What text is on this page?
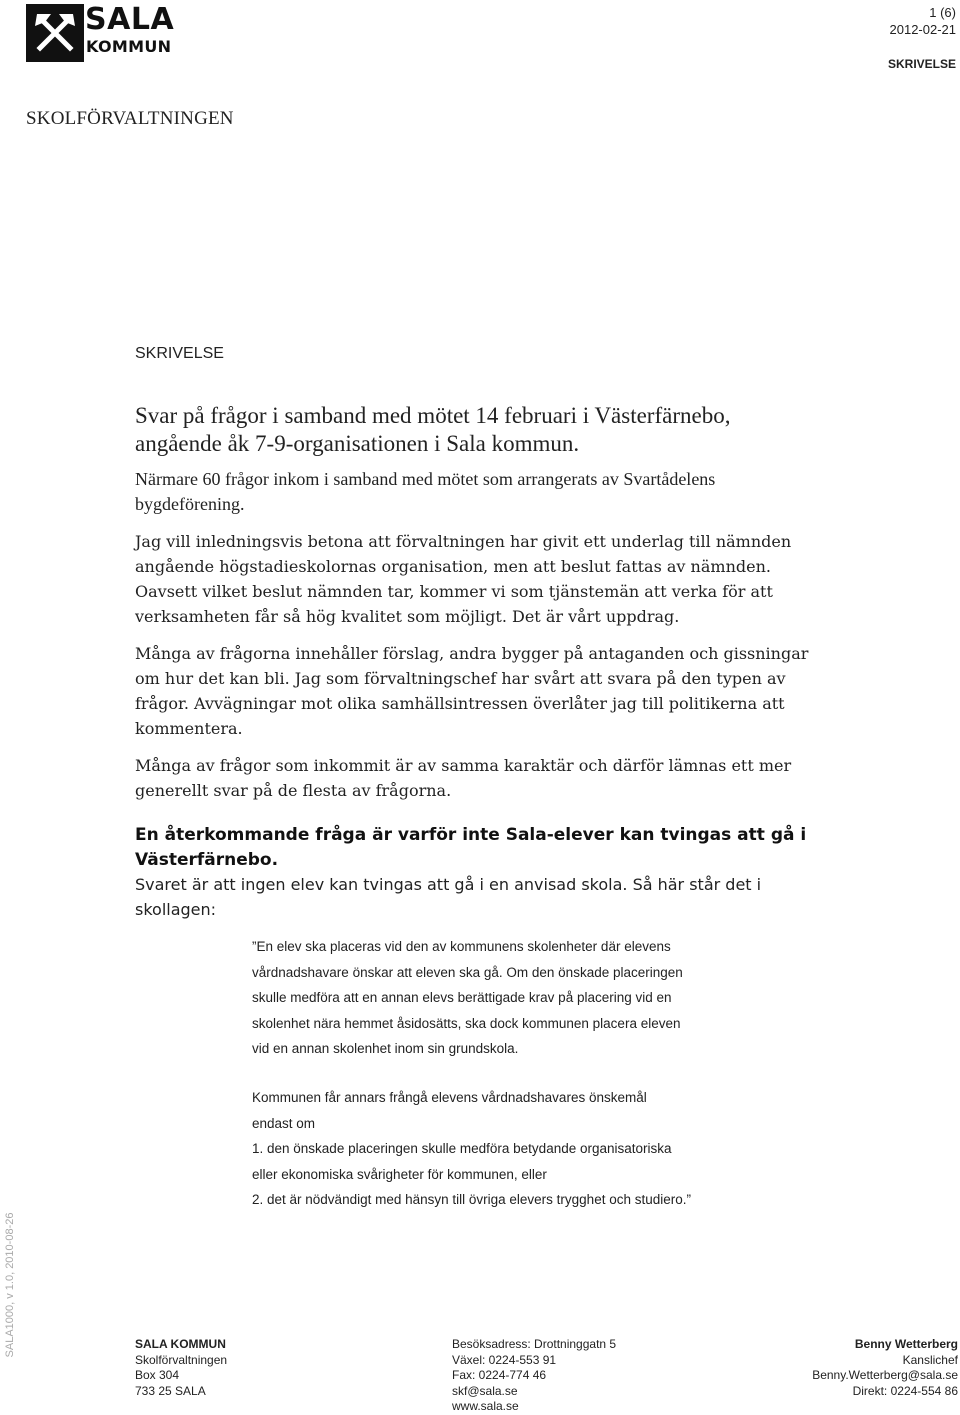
SALA
KOMMUN
1 (6)
2012-02-21
SKRIVELSE
SKOLFÖRVALTNINGEN
SKRIVELSE
Svar på frågor i samband med mötet 14 februari i Västerfärnebo,
angående åk 7-9-organisationen i Sala kommun.
Närmare 60 frågor inkom i samband med mötet som arrangerats av Svartådelens
bygdeförening.
Jag vill inledningsvis betona att förvaltningen har givit ett underlag till nämnden
angående högstadieskolornas organisation, men att beslut fattas av nämnden.
Oavsett vilket beslut nämnden tar, kommer vi som tjänstemän att verka för att
verksamheten får så hög kvalitet som möjligt. Det är vårt uppdrag.
Många av frågorna innehåller förslag, andra bygger på antaganden och gissningar
om hur det kan bli. Jag som förvaltningschef har svårt att svara på den typen av
frågor. Avvägningar mot olika samhällsintressen överlåter jag till politikerna att
kommentera.
Många av frågor som inkommit är av samma karaktär och därför lämnas ett mer
generellt svar på de flesta av frågorna.
En återkommande fråga är varför inte Sala-elever kan tvingas att gå i
Västerfärnebo.
Svaret är att ingen elev kan tvingas att gå i en anvisad skola. Så här står det i
skollagen:
”En elev ska placeras vid den av kommunens skolenheter där elevens
vårdnadshavare önskar att eleven ska gå. Om den önskade placeringen
skulle medföra att en annan elevs berättigade krav på placering vid en
skolenhet nära hemmet åsidosätts, ska dock kommunen placera eleven
vid en annan skolenhet inom sin grundskola.
Kommunen får annars frångå elevens vårdnadshavares önskemål
endast om
1. den önskade placeringen skulle medföra betydande organisatoriska
eller ekonomiska svårigheter för kommunen, eller
2. det är nödvändigt med hänsyn till övriga elevers trygghet och studiero.”
SALA1000, v 1.0, 2010-08-26	SALA KOMMUN
Skolförvaltningen
Box 304
733 25 SALA
Besöksadress: Drottninggatn 5
Växel: 0224-553 91
Fax: 0224-774 46
skf@sala.se
www.sala.se
Benny Wetterberg
Kanslichef
Benny.Wetterberg@sala.se
Direkt: 0224-554 86
